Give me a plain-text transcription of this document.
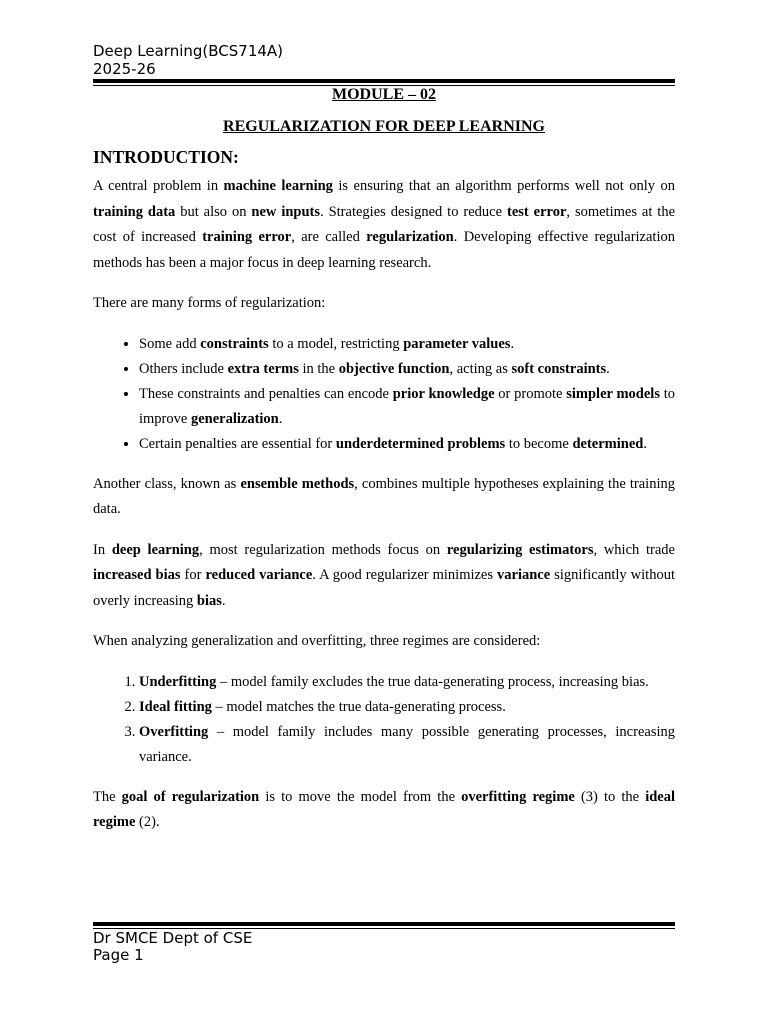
Deep Learning(BCS714A)
2025-26
MODULE – 02
REGULARIZATION FOR DEEP LEARNING
INTRODUCTION:

A central problem in machine learning is ensuring that an algorithm performs well not only on training data but also on new inputs. Strategies designed to reduce test error, sometimes at the cost of increased training error, are called regularization. Developing effective regularization methods has been a major focus in deep learning research.

There are many forms of regularization:

• Some add constraints to a model, restricting parameter values.
• Others include extra terms in the objective function, acting as soft constraints.
• These constraints and penalties can encode prior knowledge or promote simpler models to improve generalization.
• Certain penalties are essential for underdetermined problems to become determined.

Another class, known as ensemble methods, combines multiple hypotheses explaining the training data.

In deep learning, most regularization methods focus on regularizing estimators, which trade increased bias for reduced variance. A good regularizer minimizes variance significantly without overly increasing bias.

When analyzing generalization and overfitting, three regimes are considered:

1. Underfitting – model family excludes the true data-generating process, increasing bias.
2. Ideal fitting – model matches the true data-generating process.
3. Overfitting – model family includes many possible generating processes, increasing variance.

The goal of regularization is to move the model from the overfitting regime (3) to the ideal regime (2).

Dr SMCE Dept of CSE
Page 1
